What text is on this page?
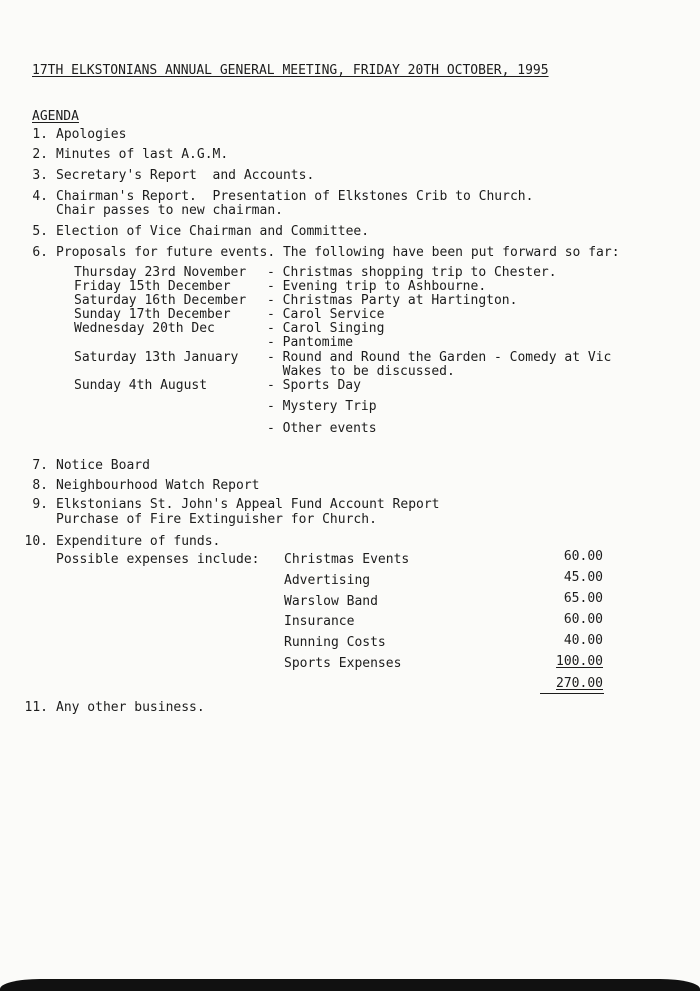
17TH ELKSTONIANS ANNUAL GENERAL MEETING, FRIDAY 20TH OCTOBER, 1995
AGENDA
1. Apologies
2. Minutes of last A.G.M.
3. Secretary's Report  and Accounts.
4. Chairman's Report.  Presentation of Elkstones Crib to Church.
Chair passes to new chairman.
5. Election of Vice Chairman and Committee.
6. Proposals for future events. The following have been put forward so far:
Thursday 23rd November - Christmas shopping trip to Chester.
Friday 15th December	- Evening trip to Ashbourne.
Saturday 16th December - Christmas Party at Hartington.
Sunday 17th December	- Carol Service
Wednesday 20th Dec	- Carol Singing
- Pantomime
Saturday 13th January - Round and Round the Garden - Comedy at Vic
Wakes to be discussed.
Sunday 4th August	- Sports Day
- Mystery Trip
- Other events
7. Notice Board
8. Neighbourhood Watch Report
9. Elkstonians St. John's Appeal Fund Account Report
Purchase of Fire Extinguisher for Church.
10. Expenditure of funds.
Possible expenses include: Christmas Events	60.00
Advertising	45.00
Warslow Band	65.00
Insurance	60.00
Running Costs	40.00
Sports Expenses	100.00
270.00
11. Any other business.
